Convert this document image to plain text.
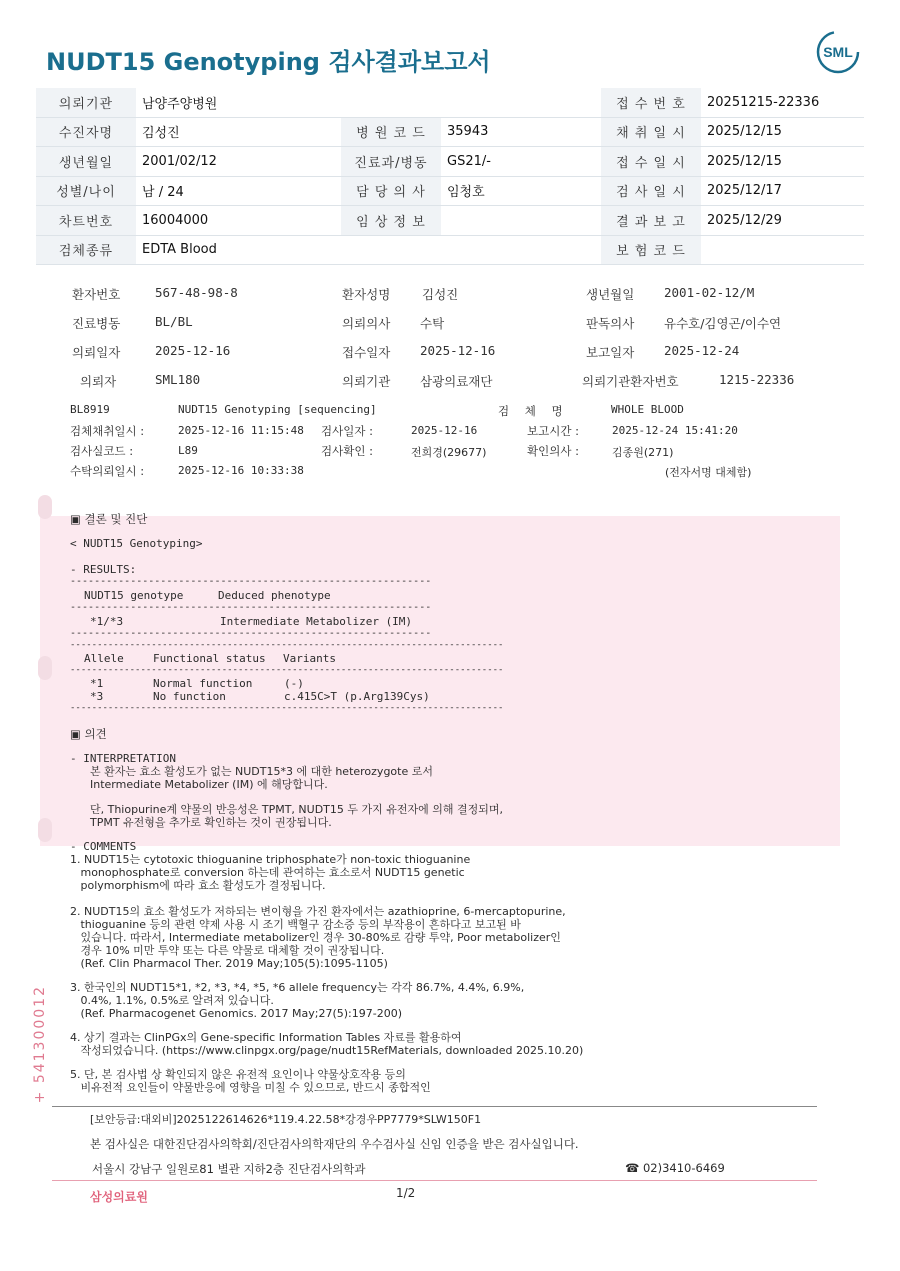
NUDT15 Genotyping 검사결과보고서	SML
의뢰기관	남양주양병원			접 수 번 호	20251215-22336
수진자명	김성진	병 원 코 드	35943	채 취 일 시	2025/12/15
생년월일	2001/02/12	진료과/병동	GS21/-	접 수 일 시	2025/12/15
성별/나이	남 / 24	담 당 의 사	임청호	검 사 일 시	2025/12/17
차트번호	16004000	임 상 정 보		결 과 보 고	2025/12/29
검체종류	EDTA Blood			보 험 코 드	
환자번호	567-48-98-8	환자성명	김성진	생년월일 2001-02-12/M
진료병동	BL/BL	의뢰의사 수탁	판독의사 유수호/김영곤/이수연
의뢰일자	2025-12-16	접수일자 2025-12-16	보고일자 2025-12-24
의뢰자	SML180	의뢰기관 삼광의료재단	의뢰기관환자번호	1215-22336
BL8919	NUDT15 Genotyping [sequencing]	검 체 명	WHOLE BLOOD
검체채취일시 :	2025-12-16 11:15:48 검사일자 :	2025-12-16	보고시간 :	2025-12-24 15:41:20
검사실코드 :	L89	검사확인 :	전희경(29677)	확인의사 :	김종원(271)
수탁의뢰일시 :	2025-12-16 10:33:38	(전자서명 대체함)
▣ 결론 및 진단
< NUDT15 Genotyping>
- RESULTS:
------------------------------------------------------------
NUDT15 genotype	Deduced phenotype
------------------------------------------------------------
*1/*3	Intermediate Metabolizer (IM)
------------------------------------------------------------
--------------------------------------------------------------------------------
Allele	Functional status Variants
--------------------------------------------------------------------------------
*1	Normal function	(-)
*3	No function	c.415C>T (p.Arg139Cys)
--------------------------------------------------------------------------------
▣ 의견
- INTERPRETATION
본 환자는 효소 활성도가 없는 NUDT15*3 에 대한 heterozygote 로서
Intermediate Metabolizer (IM) 에 해당합니다.
단, Thiopurine계 약물의 반응성은 TPMT, NUDT15 두 가지 유전자에 의해 결정되며,
TPMT 유전형을 추가로 확인하는 것이 권장됩니다.
- COMMENTS
1. NUDT15는 cytotoxic thioguanine triphosphate가 non-toxic thioguanine
monophosphate로 conversion 하는데 관여하는 효소로서 NUDT15 genetic
polymorphism에 따라 효소 활성도가 결정됩니다.
2. NUDT15의 효소 활성도가 저하되는 변이형을 가진 환자에서는 azathioprine, 6-mercaptopurine,
thioguanine 등의 관련 약제 사용 시 조기 백혈구 감소증 등의 부작용이 흔하다고 보고된 바
있습니다. 따라서, Intermediate metabolizer인 경우 30-80%로 감량 투약, Poor metabolizer인
경우 10% 미만 투약 또는 다른 약물로 대체할 것이 권장됩니다.
(Ref. Clin Pharmacol Ther. 2019 May;105(5):1095-1105)
3. 한국인의 NUDT15*1, *2, *3, *4, *5, *6 allele frequency는 각각 86.7%, 4.4%, 6.9%,
0.4%, 1.1%, 0.5%로 알려져 있습니다.
(Ref. Pharmacogenet Genomics. 2017 May;27(5):197-200)
4. 상기 결과는 ClinPGx의 Gene-specific Information Tables 자료를 활용하여
작성되었습니다. (https://www.clinpgx.org/page/nudt15RefMaterials, downloaded 2025.10.20)
5. 단, 본 검사법 상 확인되지 않은 유전적 요인이나 약물상호작용 등의
비유전적 요인들이 약물반응에 영향을 미칠 수 있으므로, 반드시 종합적인
+ 541300012
[보안등급:대외비]2025122614626*119.4.22.58*강경우PP7779*SLW150F1
본 검사실은 대한진단검사의학회/진단검사의학재단의 우수검사실 신임 인증을 받은 검사실입니다.
서울시 강남구 일원로81 별관 지하2층 진단검사의학과	☎ 02)3410-6469
삼성의료원	1/2
